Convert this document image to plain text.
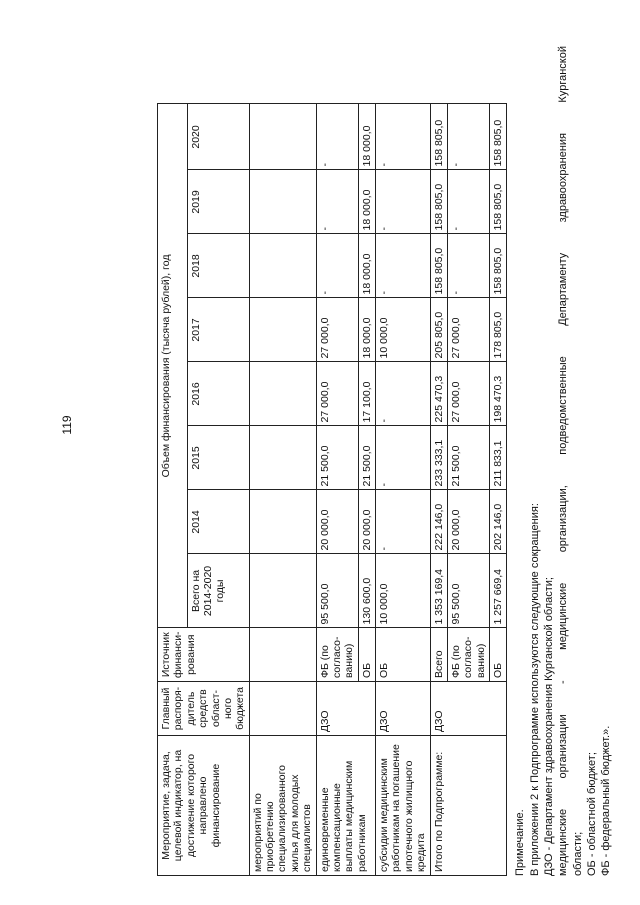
119
Мероприятие, задача, целевой индикатор, на достижение которого направлено финансирование	Главный распоря-дитель средств област-ного бюджета	Источник финанси-рования	Объем финансирования (тысяча рублей), год							
			Всего на 2014-2020 годы	2014	2015	2016	2017	2018	2019	2020
мероприятий по приобретению специализированного жилья для молодых специалистов										
единовременные компенсационные выплаты медицинским работникам	ДЗО	ФБ (по согласо-ванию)	95 500,0	20 000,0	21 500,0	27 000,0	27 000,0	-	-	-
		ОБ	130 600,0	20 000,0	21 500,0	17 100,0	18 000,0	18 000,0	18 000,0	18 000,0
субсидии медицинским работникам на погашение ипотечного жилищного кредита	ДЗО	ОБ	10 000,0	-	-	-	10 000,0	-	-	-
Итого по Подпрограмме:	ДЗО	Всего	1 353 169,4	222 146,0	233 333,1	225 470,3	205 805,0	158 805,0	158 805,0	158 805,0
		ФБ (по согласо-ванию)	95 500,0	20 000,0	21 500,0	27 000,0	27 000,0	-	-	-
		ОБ	1 257 669,4	202 146,0	211 833,1	198 470,3	178 805,0	158 805,0	158 805,0	158 805,0

Примечание. В приложении 2 к Подпрограмме используются следующие сокращения: ДЗО - Департамент здравоохранения Курганской области; медицинские организации - медицинские организации, подведомственные Департаменту здравоохранения Курганской области; ОБ - областной бюджет; ФБ - федеральный бюджет.».
